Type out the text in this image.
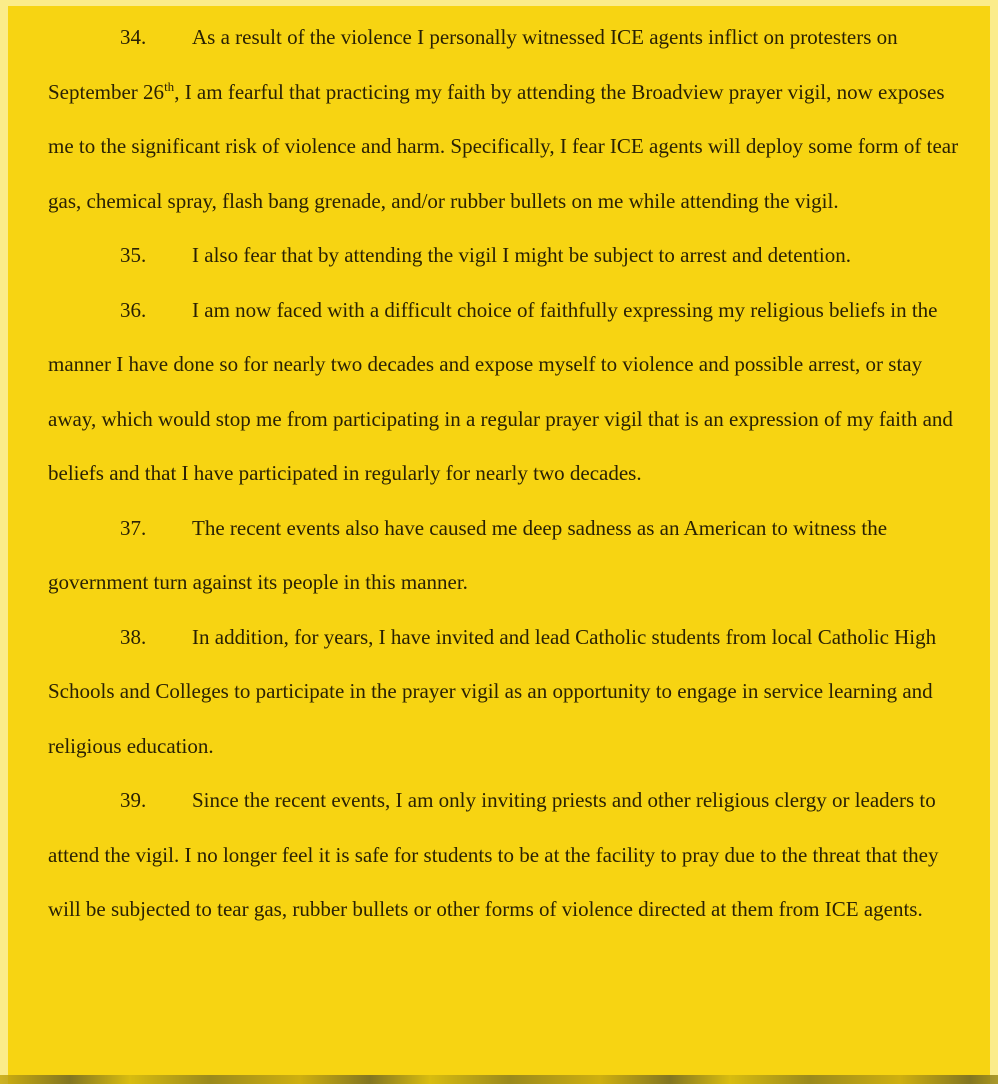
34. As a result of the violence I personally witnessed ICE agents inflict on protesters on September 26th, I am fearful that practicing my faith by attending the Broadview prayer vigil, now exposes me to the significant risk of violence and harm. Specifically, I fear ICE agents will deploy some form of tear gas, chemical spray, flash bang grenade, and/or rubber bullets on me while attending the vigil.

35. I also fear that by attending the vigil I might be subject to arrest and detention.

36. I am now faced with a difficult choice of faithfully expressing my religious beliefs in the manner I have done so for nearly two decades and expose myself to violence and possible arrest, or stay away, which would stop me from participating in a regular prayer vigil that is an expression of my faith and beliefs and that I have participated in regularly for nearly two decades.

37. The recent events also have caused me deep sadness as an American to witness the government turn against its people in this manner.

38. In addition, for years, I have invited and lead Catholic students from local Catholic High Schools and Colleges to participate in the prayer vigil as an opportunity to engage in service learning and religious education.

39. Since the recent events, I am only inviting priests and other religious clergy or leaders to attend the vigil. I no longer feel it is safe for students to be at the facility to pray due to the threat that they will be subjected to tear gas, rubber bullets or other forms of violence directed at them from ICE agents.
